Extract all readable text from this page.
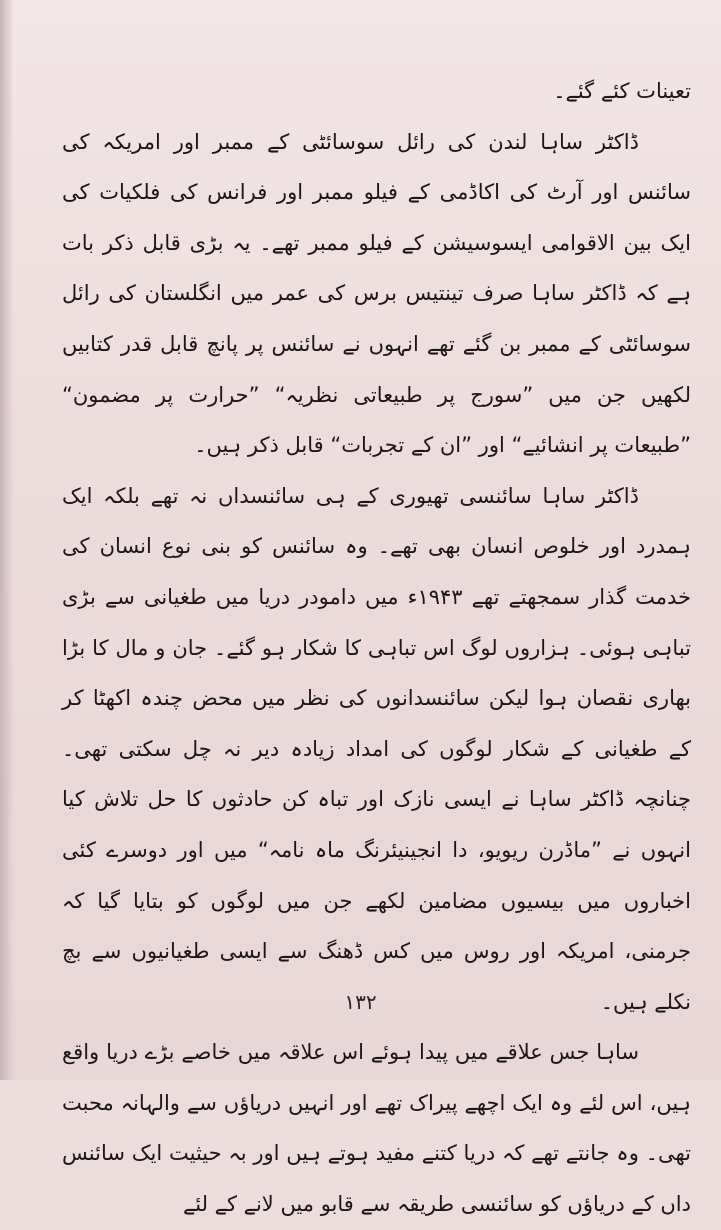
تعینات کئے گئے۔

ڈاکٹر ساہا لندن کی رائل سوسائٹی کے ممبر اور امریکہ کی سائنس اور آرٹ کی اکاڈمی کے فیلو ممبر اور فرانس کی فلکیات کی ایک بین الاقوامی ایسوسیشن کے فیلو ممبر تھے۔ یہ بڑی قابل ذکر بات ہے کہ ڈاکٹر ساہا صرف تینتیس برس کی عمر میں انگلستان کی رائل سوسائٹی کے ممبر بن گئے تھے انہوں نے سائنس پر پانچ قابل قدر کتابیں لکھیں جن میں ”سورج پر طبیعاتی نظریہ“ ”حرارت پر مضمون“ ”طبیعات پر انشائیے“ اور ”ان کے تجربات“ قابل ذکر ہیں۔

ڈاکٹر ساہا سائنسی تھیوری کے ہی سائنسداں نہ تھے بلکہ ایک ہمدرد اور خلوص انسان بھی تھے۔ وہ سائنس کو بنی نوع انسان کی خدمت گذار سمجھتے تھے ۱۹۴۳ء میں دامودر دریا میں طغیانی سے بڑی تباہی ہوئی۔ ہزاروں لوگ اس تباہی کا شکار ہو گئے۔ جان و مال کا بڑا بھاری نقصان ہوا لیکن سائنسدانوں کی نظر میں محض چندہ اکھٹا کر کے طغیانی کے شکار لوگوں کی امداد زیادہ دیر نہ چل سکتی تھی۔ چنانچہ ڈاکٹر ساہا نے ایسی نازک اور تباہ کن حادثوں کا حل تلاش کیا انہوں نے ”ماڈرن ریویو، دا انجینیئرنگ ماہ نامہ“ میں اور دوسرے کئی اخباروں میں بیسیوں مضامین لکھے جن میں لوگوں کو بتایا گیا کہ جرمنی، امریکہ اور روس میں کس ڈھنگ سے ایسی طغیانیوں سے بچ نکلے ہیں۔

ساہا جس علاقے میں پیدا ہوئے اس علاقہ میں خاصے بڑے دریا واقع ہیں، اس لئے وہ ایک اچھے پیراک تھے اور انہیں دریاؤں سے والہانہ محبت تھی۔ وہ جانتے تھے کہ دریا کتنے مفید ہوتے ہیں اور بہ حیثیت ایک سائنس داں کے دریاؤں کو سائنسی طریقہ سے قابو میں لانے کے لئے

۱۳۲
